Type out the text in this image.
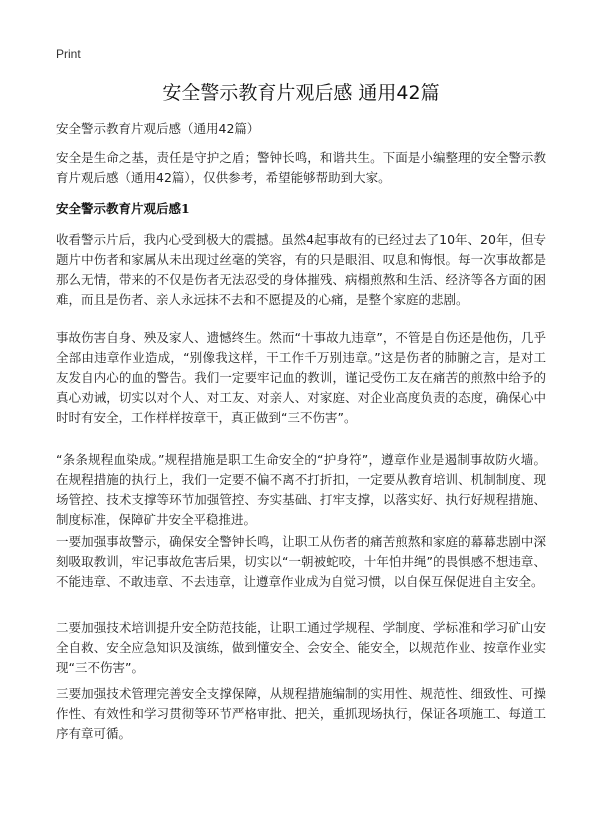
Print
安全警示教育片观后感 通用42篇
安全警示教育片观后感（通用42篇）
安全是生命之基，责任是守护之盾；警钟长鸣，和谐共生。下面是小编整理的安全警示教育片观后感（通用42篇），仅供参考，希望能够帮助到大家。
安全警示教育片观后感1
收看警示片后，我内心受到极大的震撼。虽然4起事故有的已经过去了10年、20年，但专题片中伤者和家属从未出现过丝毫的笑容，有的只是眼泪、叹息和悔恨。每一次事故都是那么无情，带来的不仅是伤者无法忍受的身体摧残、病榻煎熬和生活、经济等各方面的困难，而且是伤者、亲人永远抹不去和不愿提及的心痛，是整个家庭的悲剧。
事故伤害自身、殃及家人、遗憾终生。然而“十事故九违章”，不管是自伤还是他伤，几乎全部由违章作业造成，“别像我这样，干工作千万别违章。”这是伤者的肺腑之言，是对工友发自内心的血的警告。我们一定要牢记血的教训，谨记受伤工友在痛苦的煎熬中给予的真心劝诫，切实以对个人、对工友、对亲人、对家庭、对企业高度负责的态度，确保心中时时有安全，工作样样按章干，真正做到“三不伤害”。
“条条规程血染成。”规程措施是职工生命安全的“护身符”，遵章作业是遏制事故防火墙。在规程措施的执行上，我们一定要不偏不离不打折扣，一定要从教育培训、机制制度、现场管控、技术支撑等环节加强管控、夯实基础、打牢支撑，以落实好、执行好规程措施、制度标准，保障矿井安全平稳推进。
一要加强事故警示，确保安全警钟长鸣，让职工从伤者的痛苦煎熬和家庭的幕幕悲剧中深刻吸取教训，牢记事故危害后果，切实以“一朝被蛇咬，十年怕井绳”的畏惧感不想违章、不能违章、不敢违章、不去违章，让遵章作业成为自觉习惯，以自保互保促进自主安全。
二要加强技术培训提升安全防范技能，让职工通过学规程、学制度、学标准和学习矿山安全自救、安全应急知识及演练，做到懂安全、会安全、能安全，以规范作业、按章作业实现“三不伤害”。
三要加强技术管理完善安全支撑保障，从规程措施编制的实用性、规范性、细致性、可操作性、有效性和学习贯彻等环节严格审批、把关，重抓现场执行，保证各项施工、每道工序有章可循。
